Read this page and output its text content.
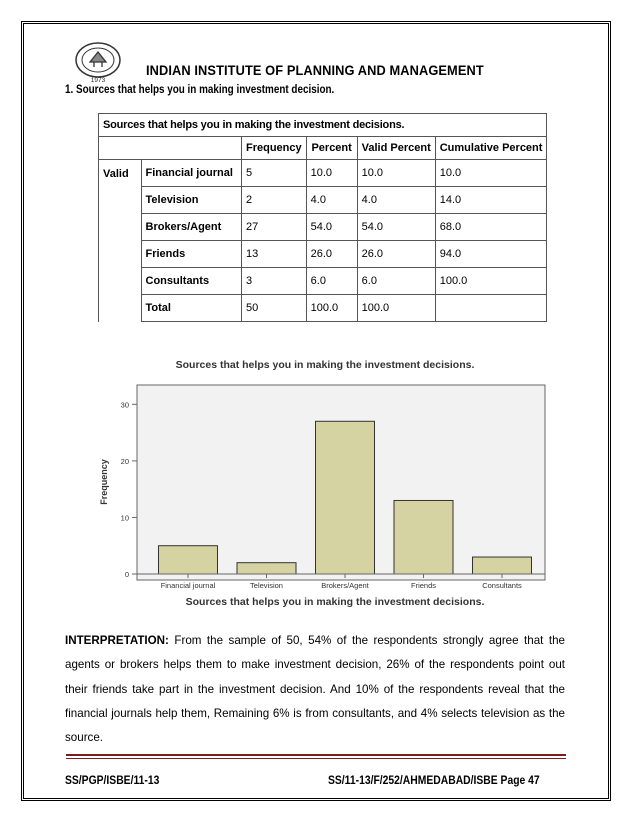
1973
INDIAN INSTITUTE OF PLANNING AND MANAGEMENT
1. Sources that helps you in making investment decision.
Sources that helps you in making the investment decisions.					
		Frequency	Percent	Valid Percent	Cumulative Percent
Valid	Financial journal	5	10.0	10.0	10.0
	Television	2	4.0	4.0	14.0
	Brokers/Agent	27	54.0	54.0	68.0
	Friends	13	26.0	26.0	94.0
	Consultants	3	6.0	6.0	100.0
	Total	50	100.0	100.0	
Sources that helps you in making the investment decisions.
Frequency
Sources that helps you in making the investment decisions.
0
10
20
30
Financial journal	Television	Brokers/Agent	Friends	Consultants
INTERPRETATION: From the sample of 50, 54% of the respondents strongly agree that the agents or brokers helps them to make investment decision, 26% of the respondents point out their friends take part in the investment decision. And 10% of the respondents reveal that the financial journals help them, Remaining 6% is from consultants, and 4% selects television as the source.
SS/PGP/ISBE/11-13	SS/11-13/F/252/AHMEDABAD/ISBE Page 47
